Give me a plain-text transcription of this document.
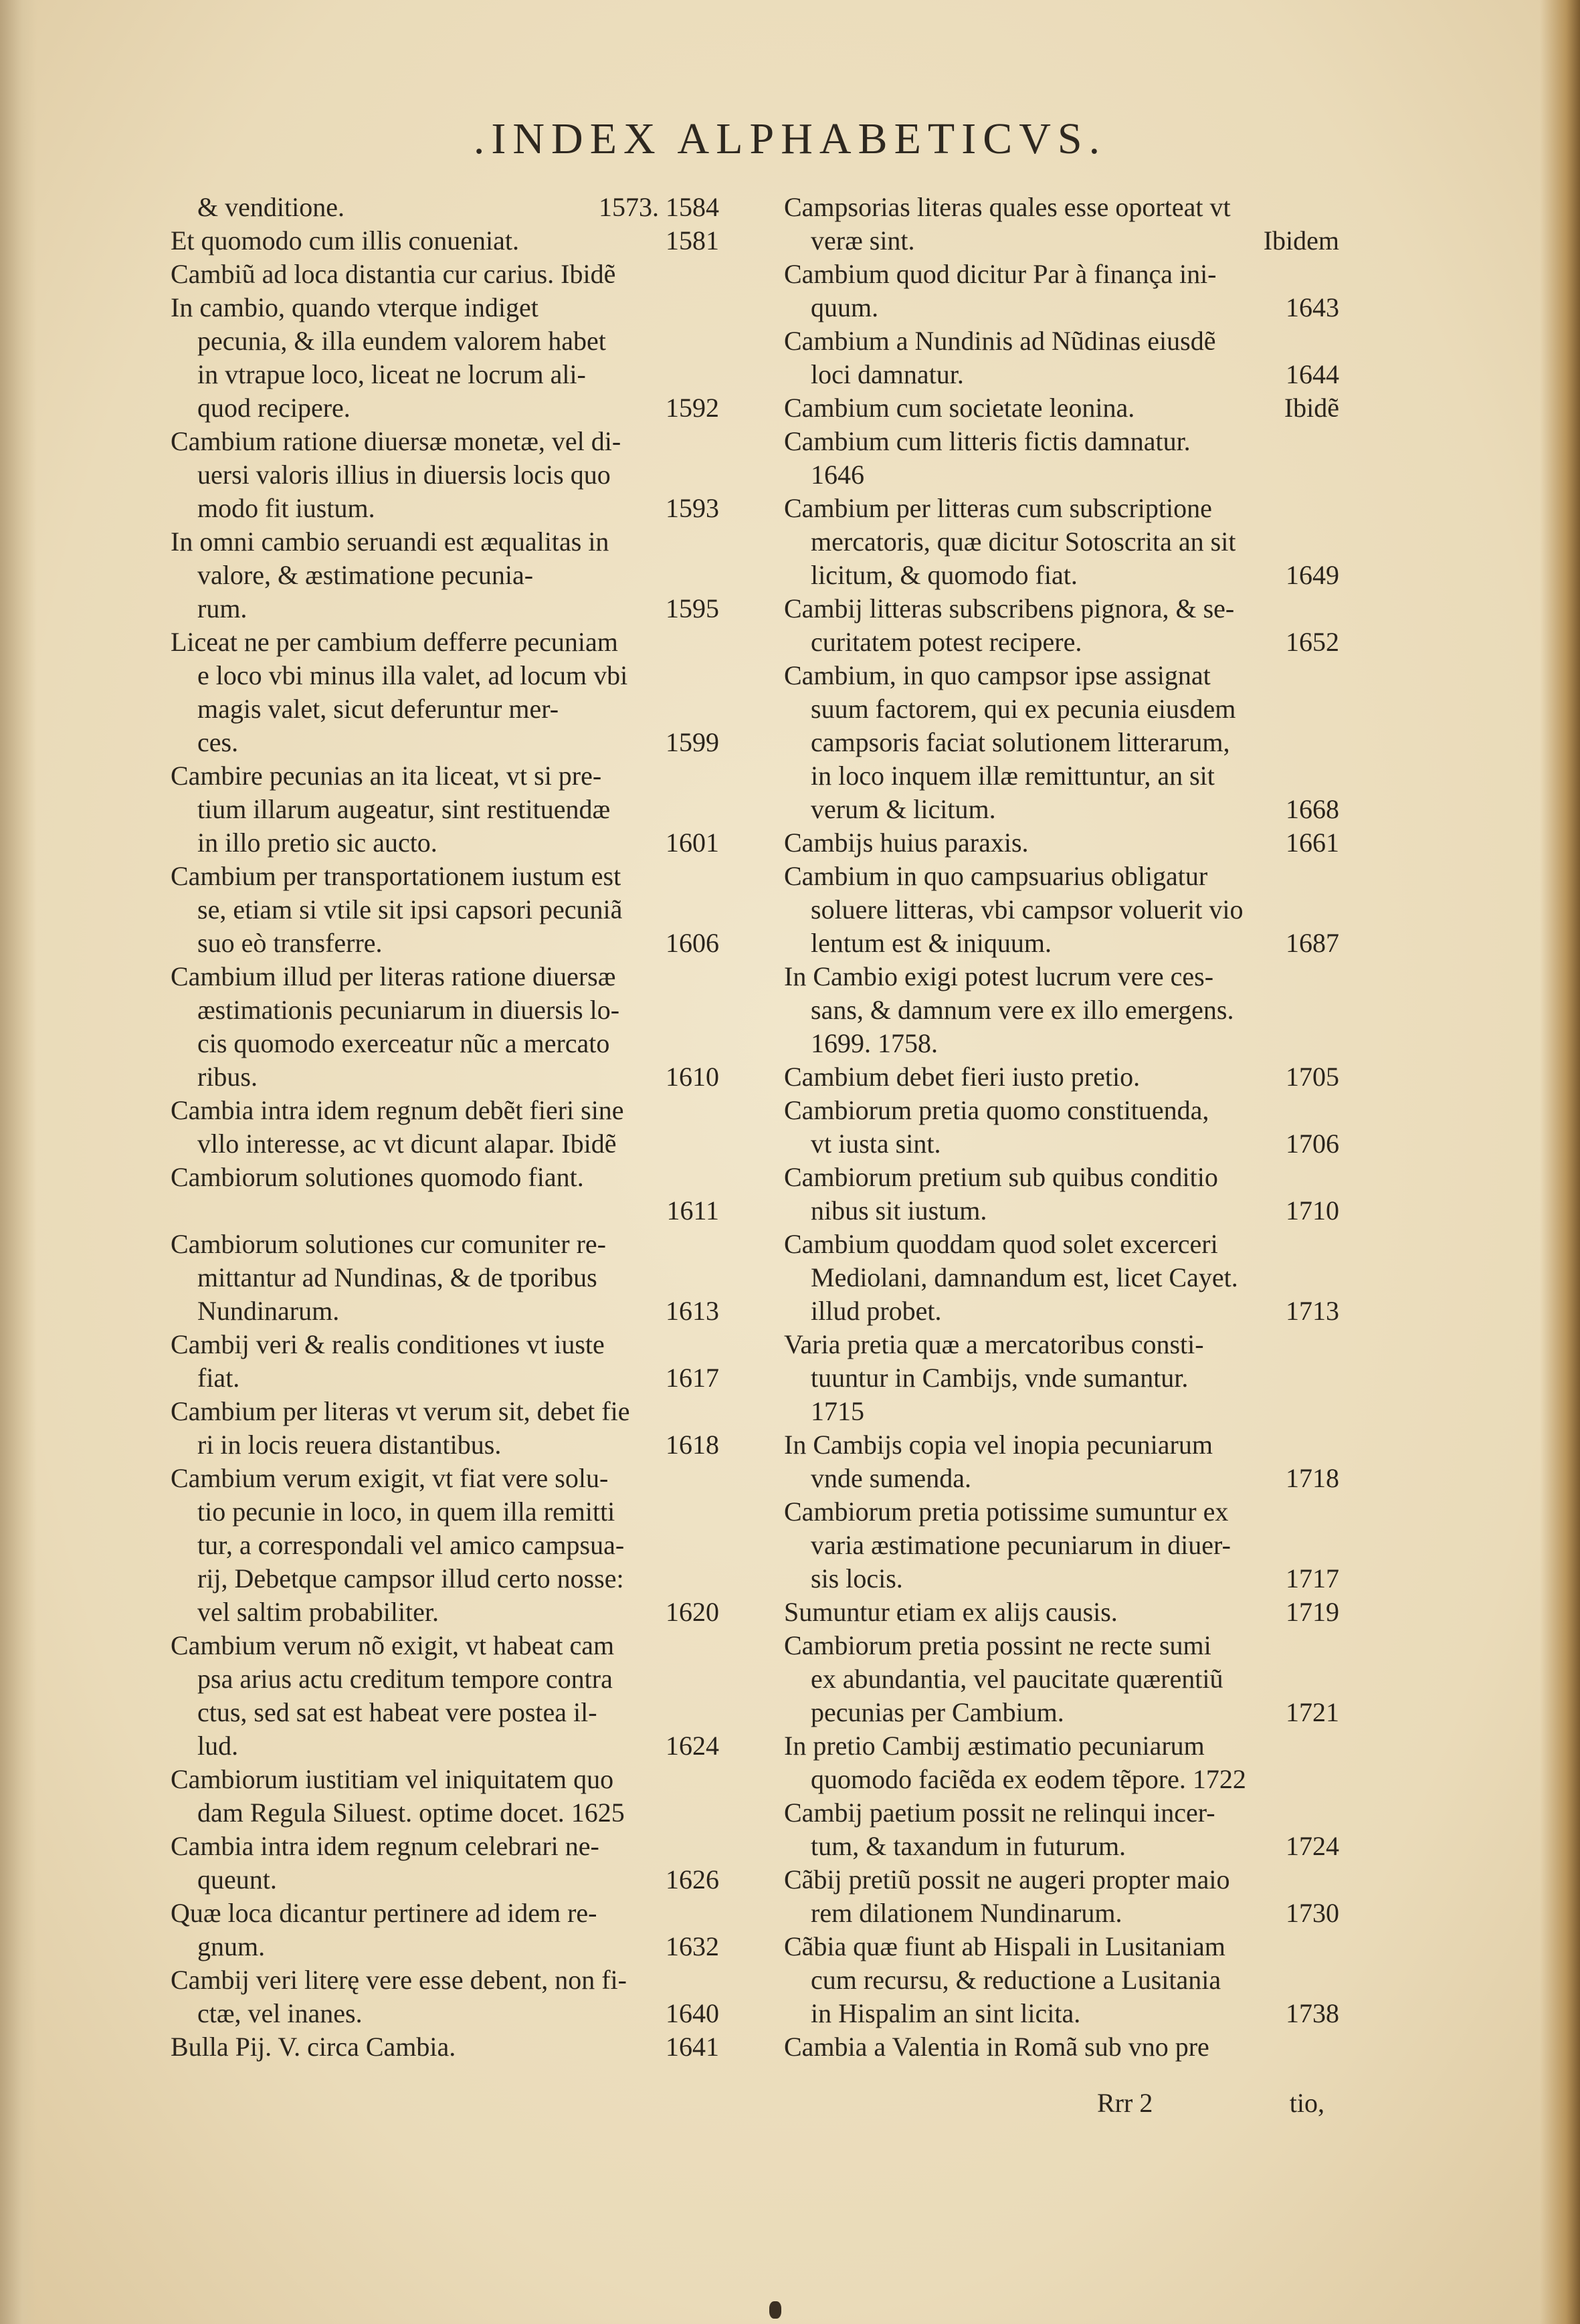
.INDEX ALPHABETICVS.
& venditione.	1573. 1584
Et quomodo cum illis conueniat.	1581
Cambiũ ad loca distantia cur carius. Ibidẽ
In cambio, quando vterque indiget
pecunia, & illa eundem valorem habet
in vtrapue loco, liceat ne locrum ali-
quod recipere.	1592
Cambium ratione diuersæ monetæ, vel di-
uersi valoris illius in diuersis locis quo
modo fit iustum.	1593
In omni cambio seruandi est æqualitas in
valore, & æstimatione pecunia-
rum.	1595
Liceat ne per cambium defferre pecuniam
e loco vbi minus illa valet, ad locum vbi
magis valet, sicut deferuntur mer-
ces.	1599
Cambire pecunias an ita liceat, vt si pre-
tium illarum augeatur, sint restituendæ
in illo pretio sic aucto.	1601
Cambium per transportationem iustum est
se, etiam si vtile sit ipsi capsori pecuniã
suo eò transferre.	1606
Cambium illud per literas ratione diuersæ
æstimationis pecuniarum in diuersis lo-
cis quomodo exerceatur nũc a mercato
ribus.	1610
Cambia intra idem regnum debẽt fieri sine
vllo interesse, ac vt dicunt alapar. Ibidẽ
Cambiorum solutiones quomodo fiant.
1611
Cambiorum solutiones cur comuniter re-
mittantur ad Nundinas, & de tporibus
Nundinarum.	1613
Cambij veri & realis conditiones vt iuste
fiat.	1617
Cambium per literas vt verum sit, debet fie
ri in locis reuera distantibus.	1618
Cambium verum exigit, vt fiat vere solu-
tio pecunie in loco, in quem illa remitti
tur, a correspondali vel amico campsua-
rij, Debetque campsor illud certo nosse:
vel saltim probabiliter.	1620
Cambium verum nõ exigit, vt habeat cam
psa arius actu creditum tempore contra
ctus, sed sat est habeat vere postea il-
lud.	1624
Cambiorum iustitiam vel iniquitatem quo
dam Regula Siluest. optime docet. 1625
Cambia intra idem regnum celebrari ne-
queunt.	1626
Quæ loca dicantur pertinere ad idem re-
gnum.	1632
Cambij veri literę vere esse debent, non fi-
ctæ, vel inanes.	1640
Bulla Pij. V. circa Cambia.	1641
Campsorias literas quales esse oporteat vt
veræ sint.	Ibidem
Cambium quod dicitur Par à finança ini-
quum.	1643
Cambium a Nundinis ad Nũdinas eiusdẽ
loci damnatur.	1644
Cambium cum societate leonina.	Ibidẽ
Cambium cum litteris fictis damnatur.
1646
Cambium per litteras cum subscriptione
mercatoris, quæ dicitur Sotoscrita an sit
licitum, & quomodo fiat.	1649
Cambij litteras subscribens pignora, & se-
curitatem potest recipere.	1652
Cambium, in quo campsor ipse assignat
suum factorem, qui ex pecunia eiusdem
campsoris faciat solutionem litterarum,
in loco inquem illæ remittuntur, an sit
verum & licitum.	1668
Cambijs huius paraxis.	1661
Cambium in quo campsuarius obligatur
soluere litteras, vbi campsor voluerit vio
lentum est & iniquum.	1687
In Cambio exigi potest lucrum vere ces-
sans, & damnum vere ex illo emergens.
1699. 1758.
Cambium debet fieri iusto pretio.	1705
Cambiorum pretia quomo constituenda,
vt iusta sint.	1706
Cambiorum pretium sub quibus conditio
nibus sit iustum.	1710
Cambium quoddam quod solet excerceri
Mediolani, damnandum est, licet Cayet.
illud probet.	1713
Varia pretia quæ a mercatoribus consti-
tuuntur in Cambijs, vnde sumantur.
1715
In Cambijs copia vel inopia pecuniarum
vnde sumenda.	1718
Cambiorum pretia potissime sumuntur ex
varia æstimatione pecuniarum in diuer-
sis locis.	1717
Sumuntur etiam ex alijs causis.	1719
Cambiorum pretia possint ne recte sumi
ex abundantia, vel paucitate quærentiũ
pecunias per Cambium.	1721
In pretio Cambij æstimatio pecuniarum
quomodo faciẽda ex eodem tẽpore. 1722
Cambij paetium possit ne relinqui incer-
tum, & taxandum in futurum.	1724
Cãbij pretiũ possit ne augeri propter maio
rem dilationem Nundinarum.	1730
Cãbia quæ fiunt ab Hispali in Lusitaniam
cum recursu, & reductione a Lusitania
in Hispalim an sint licita.	1738
Cambia a Valentia in Romã sub vno pre
Rrr 2	tio,
